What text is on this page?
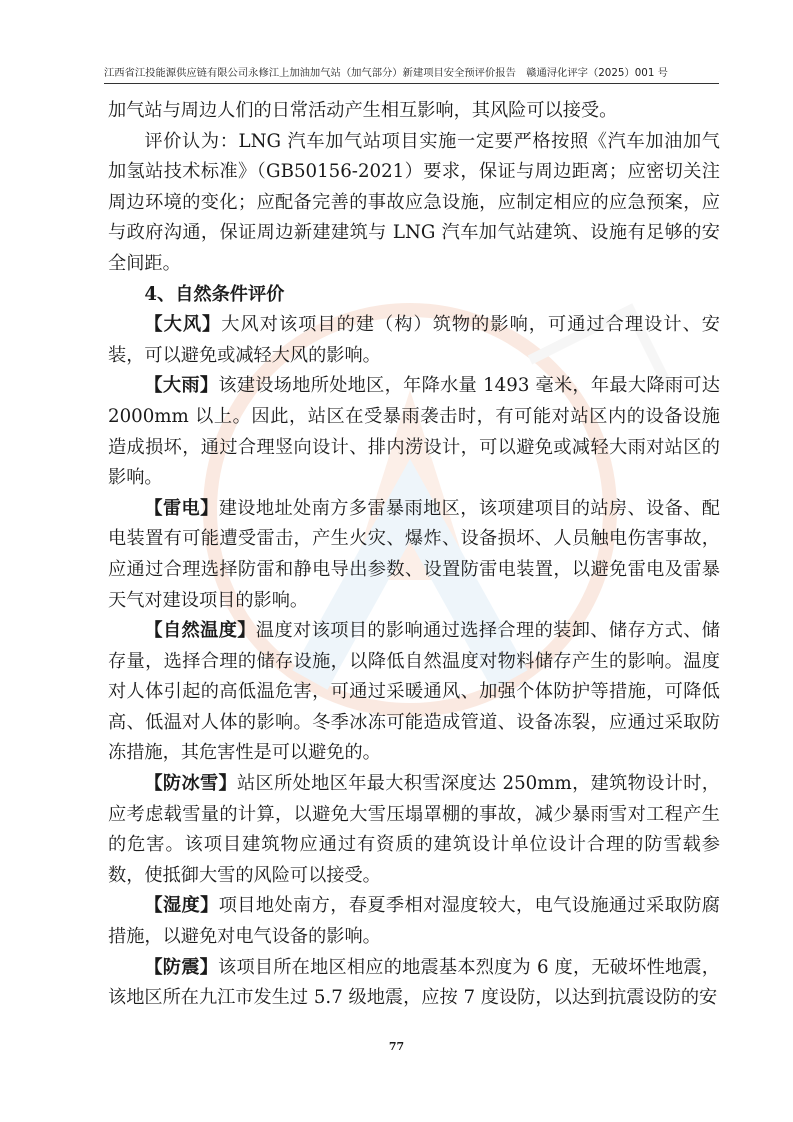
江西省江投能源供应链有限公司永修江上加油加气站（加气部分）新建项目安全预评价报告　赣通浔化评字（2025）001 号

加气站与周边人们的日常活动产生相互影响，其风险可以接受。

评价认为：LNG 汽车加气站项目实施一定要严格按照《汽车加油加气加氢站技术标准》（GB50156-2021）要求，保证与周边距离；应密切关注周边环境的变化；应配备完善的事故应急设施，应制定相应的应急预案，应与政府沟通，保证周边新建建筑与 LNG 汽车加气站建筑、设施有足够的安全间距。

4、自然条件评价

【大风】大风对该项目的建（构）筑物的影响，可通过合理设计、安装，可以避免或减轻大风的影响。

【大雨】该建设场地所处地区，年降水量 1493 毫米，年最大降雨可达 2000mm 以上。因此，站区在受暴雨袭击时，有可能对站区内的设备设施造成损坏，通过合理竖向设计、排内涝设计，可以避免或减轻大雨对站区的影响。

【雷电】建设地址处南方多雷暴雨地区，该项建项目的站房、设备、配电装置有可能遭受雷击，产生火灾、爆炸、设备损坏、人员触电伤害事故，应通过合理选择防雷和静电导出参数、设置防雷电装置，以避免雷电及雷暴天气对建设项目的影响。

【自然温度】温度对该项目的影响通过选择合理的装卸、储存方式、储存量，选择合理的储存设施，以降低自然温度对物料储存产生的影响。温度对人体引起的高低温危害，可通过采暖通风、加强个体防护等措施，可降低高、低温对人体的影响。冬季冰冻可能造成管道、设备冻裂，应通过采取防冻措施，其危害性是可以避免的。

【防冰雪】站区所处地区年最大积雪深度达 250mm，建筑物设计时，应考虑载雪量的计算，以避免大雪压塌罩棚的事故，减少暴雨雪对工程产生的危害。该项目建筑物应通过有资质的建筑设计单位设计合理的防雪载参数，使抵御大雪的风险可以接受。

【湿度】项目地处南方，春夏季相对湿度较大，电气设施通过采取防腐措施，以避免对电气设备的影响。

【防震】该项目所在地区相应的地震基本烈度为 6 度，无破坏性地震，该地区所在九江市发生过 5.7 级地震，应按 7 度设防，以达到抗震设防的安

77
